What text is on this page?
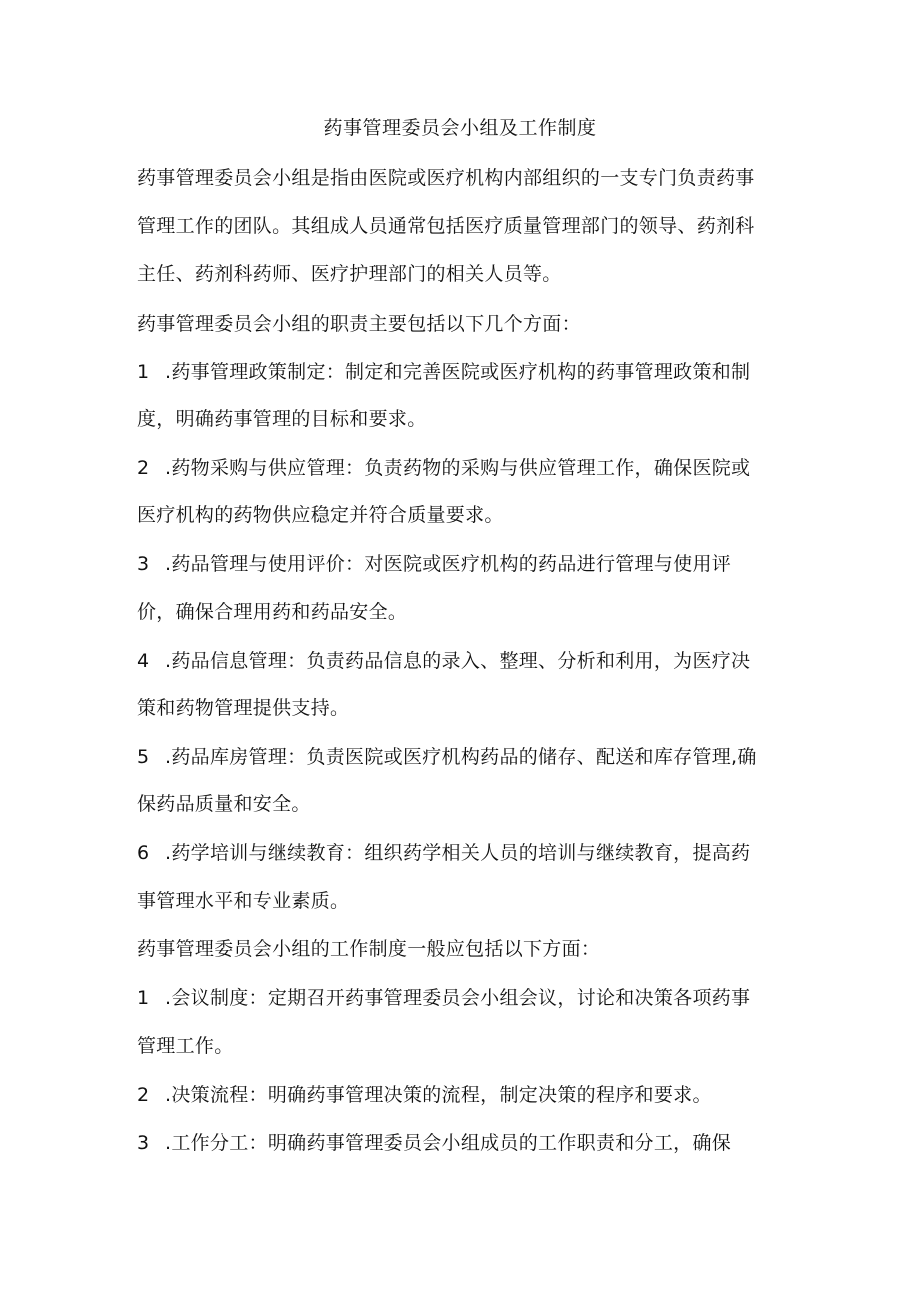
药事管理委员会小组及工作制度
药事管理委员会小组是指由医院或医疗机构内部组织的一支专门负责药事
管理工作的团队。其组成人员通常包括医疗质量管理部门的领导、药剂科
主任、药剂科药师、医疗护理部门的相关人员等。
药事管理委员会小组的职责主要包括以下几个方面：
1 .药事管理政策制定：制定和完善医院或医疗机构的药事管理政策和制
度，明确药事管理的目标和要求。
2 .药物采购与供应管理：负责药物的采购与供应管理工作，确保医院或
医疗机构的药物供应稳定并符合质量要求。
3 .药品管理与使用评价：对医院或医疗机构的药品进行管理与使用评
价，确保合理用药和药品安全。
4 .药品信息管理：负责药品信息的录入、整理、分析和利用，为医疗决
策和药物管理提供支持。
5 .药品库房管理：负责医院或医疗机构药品的储存、配送和库存管理,确
保药品质量和安全。
6 .药学培训与继续教育：组织药学相关人员的培训与继续教育，提高药
事管理水平和专业素质。
药事管理委员会小组的工作制度一般应包括以下方面：
1 .会议制度：定期召开药事管理委员会小组会议，讨论和决策各项药事
管理工作。
2 .决策流程：明确药事管理决策的流程，制定决策的程序和要求。
3 .工作分工：明确药事管理委员会小组成员的工作职责和分工，确保
